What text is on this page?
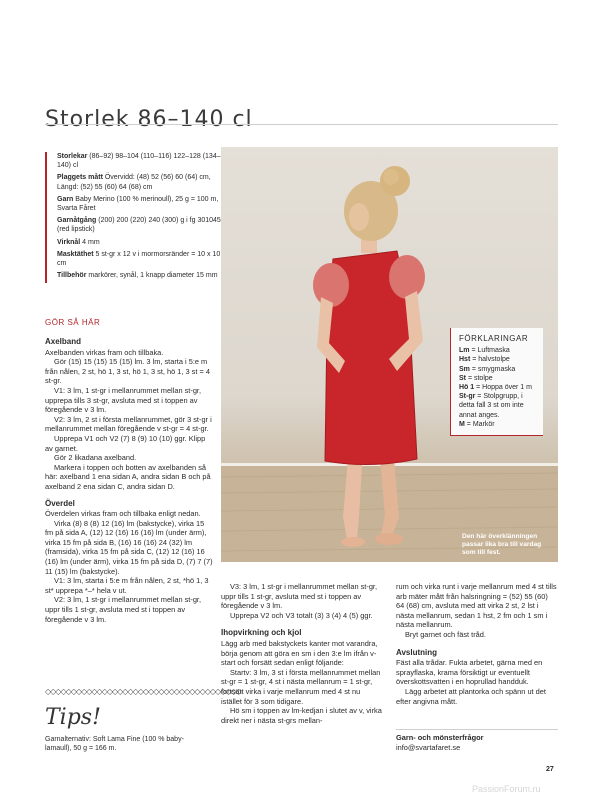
Storlek 86–140 cl

Storlekar (86–92) 98–104 (110–116) 122–128 (134–140) cl

Plaggets mått Övervidd: (48) 52 (56) 60 (64) cm, Längd: (52) 55 (60) 64 (68) cm

Garn Baby Merino (100 % merinoull), 25 g = 100 m, Svarta Fåret

Garnåtgång (200) 200 (220) 240 (300) g i fg 301045 (red lipstick)

Virknål 4 mm

Masktäthet 5 st-gr x 12 v i mormorsränder = 10 x 10 cm

Tillbehör markörer, synål, 1 knapp diameter 15 mm

GÖR SÅ HÄR
Axelband

Axelbanden virkas fram och tillbaka.

Gör (15) 15 (15) 15 (15) lm. 3 lm, starta i 5:e m från nålen, 2 st, hö 1, 3 st, hö 1, 3 st, hö 1, 3 st = 4 st-gr.

V1: 3 lm, 1 st-gr i mellanrummet mellan st-gr, upprepa tills 3 st-gr, avsluta med st i toppen av föregående v 3 lm.

V2: 3 lm, 2 st i första mellanrummet, gör 3 st-gr i mellanrummet mellan föregående v st-gr = 4 st-gr.

Upprepa V1 och V2 (7) 8 (9) 10 (10) ggr. Klipp av garnet.

Gör 2 likadana axelband.

Markera i toppen och botten av axelbanden så här: axelband 1 ena sidan A, andra sidan B och på axelband 2 ena sidan C, andra sidan D.

Överdel

Överdelen virkas fram och tillbaka enligt nedan.

Virka (8) 8 (8) 12 (16) lm (bakstycke), virka 15 fm på sida A, (12) 12 (16) 16 (16) lm (under ärm), virka 15 fm på sida B, (16) 16 (16) 24 (32) lm (framsida), virka 15 fm på sida C, (12) 12 (16) 16 (16) lm (under ärm), virka 15 fm på sida D, (7) 7 (7) 11 (15) lm (bakstycke).

V1: 3 lm, starta i 5:e m från nålen, 2 st, *hö 1, 3 st* upprepa *–* hela v ut.

V2: 3 lm, 1 st-gr i mellanrummet mellan st-gr, uppr tills 1 st-gr, avsluta med st i toppen av föregående v 3 lm.

FÖRKLARINGAR

Lm = Luftmaska

Hst = halvstolpe

Sm = smygmaska

St = stolpe

Hö 1 = Hoppa över 1 m

St-gr = Stolpgrupp, i detta fall 3 st om inte annat anges.

M = Markör

Den här överklänningen passar lika bra till vardag som till fest.

V3: 3 lm, 1 st-gr i mellanrummet mellan st-gr, uppr tills 1 st-gr, avsluta med st i toppen av föregående v 3 lm.

Upprepa V2 och V3 totalt (3) 3 (4) 4 (5) ggr.

Ihopvirkning och kjol

Lägg arb med bakstyckets kanter mot varandra, börja genom att göra en sm i den 3:e lm ifrån v-start och forsätt sedan enligt följande:

Startv: 3 lm, 3 st i första mellanrummet mellan st-gr = 1 st-gr, 4 st i nästa mellanrum = 1 st-gr, fortsätt virka i varje mellanrum med 4 st nu istället för 3 som tidigare.

Hö sm i toppen av lm-kedjan i slutet av v, virka direkt ner i nästa st-grs mellan-

rum och virka runt i varje mellanrum med 4 st tills arb mäter mått från halsringning = (52) 55 (60) 64 (68) cm, avsluta med att virka 2 st, 2 lst i nästa mellanrum, sedan 1 hst, 2 fm och 1 sm i nästa mellanrum.

Bryt garnet och fäst tråd.

Avslutning

Fäst alla trådar. Fukta arbetet, gärna med en sprayflaska, krama försiktigt ur eventuellt överskottsvatten i en hoprullad handduk.

Lägg arbetet att plantorka och spänn ut det efter angivna mått.

Garn- och mönsterfrågor

info@svartafaret.se

◇◇◇◇◇◇◇◇◇◇◇◇◇◇◇◇◇◇◇◇◇◇◇◇◇◇◇◇◇◇◇◇◇◇◇◇◇◇
Tips!
Garnalternativ: Soft Lama Fine (100 % baby-lamaull), 50 g = 166 m.
27
PassionForum.ru
